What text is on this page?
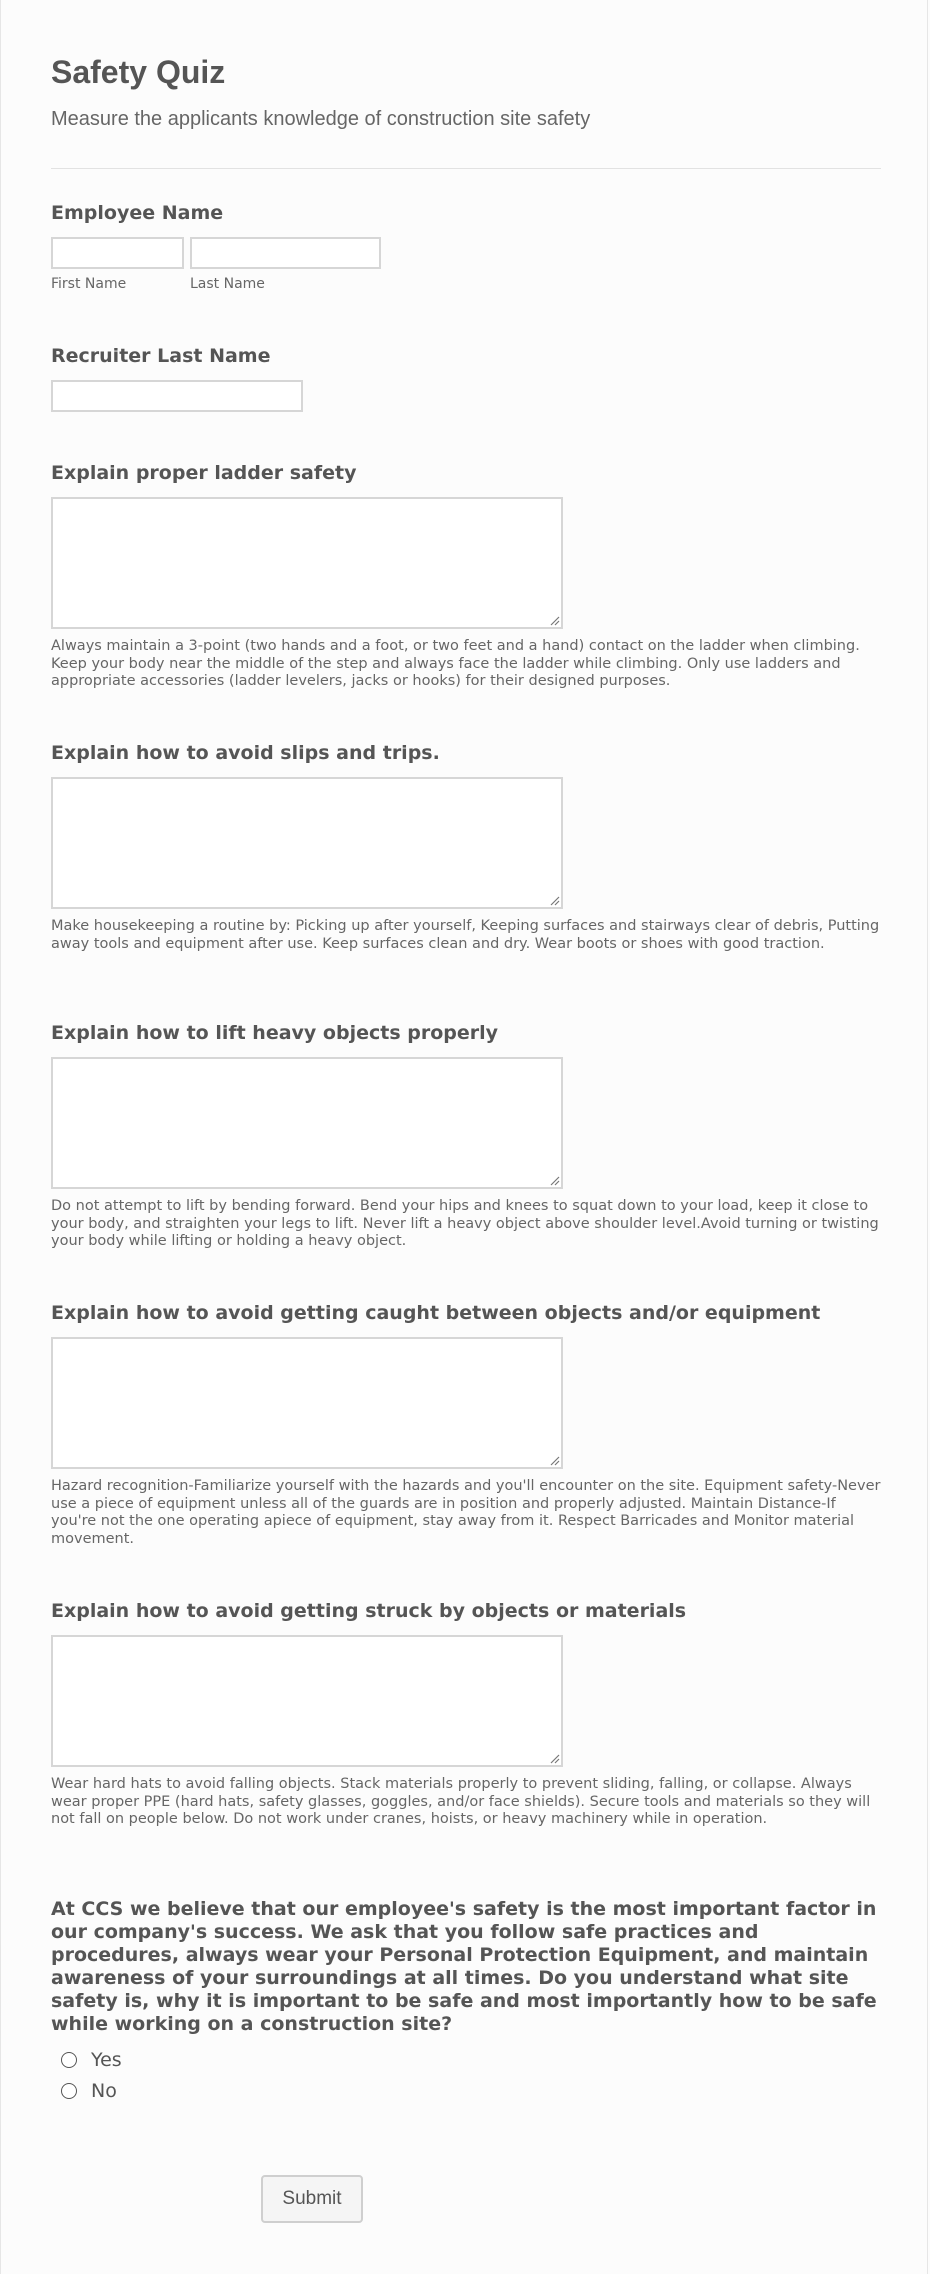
Safety Quiz
Measure the applicants knowledge of construction site safety
Employee Name
First Name	Last Name
Recruiter Last Name
Explain proper ladder safety
Always maintain a 3-point (two hands and a foot, or two feet and a hand) contact on the ladder when climbing. Keep your body near the middle of the step and always face the ladder while climbing. Only use ladders and appropriate accessories (ladder levelers, jacks or hooks) for their designed purposes.
Explain how to avoid slips and trips.
Make housekeeping a routine by: Picking up after yourself, Keeping surfaces and stairways clear of debris, Putting away tools and equipment after use. Keep surfaces clean and dry. Wear boots or shoes with good traction.
Explain how to lift heavy objects properly
Do not attempt to lift by bending forward. Bend your hips and knees to squat down to your load, keep it close to your body, and straighten your legs to lift. Never lift a heavy object above shoulder level.Avoid turning or twisting your body while lifting or holding a heavy object.
Explain how to avoid getting caught between objects and/or equipment
Hazard recognition-Familiarize yourself with the hazards and you'll encounter on the site. Equipment safety-Never use a piece of equipment unless all of the guards are in position and properly adjusted. Maintain Distance-If you're not the one operating apiece of equipment, stay away from it. Respect Barricades and Monitor material movement.
Explain how to avoid getting struck by objects or materials
Wear hard hats to avoid falling objects. Stack materials properly to prevent sliding, falling, or collapse. Always wear proper PPE (hard hats, safety glasses, goggles, and/or face shields). Secure tools and materials so they will not fall on people below. Do not work under cranes, hoists, or heavy machinery while in operation.
At CCS we believe that our employee's safety is the most important factor in our company's success. We ask that you follow safe practices and procedures, always wear your Personal Protection Equipment, and maintain awareness of your surroundings at all times. Do you understand what site safety is, why it is important to be safe and most importantly how to be safe while working on a construction site?
Yes
No
Submit
